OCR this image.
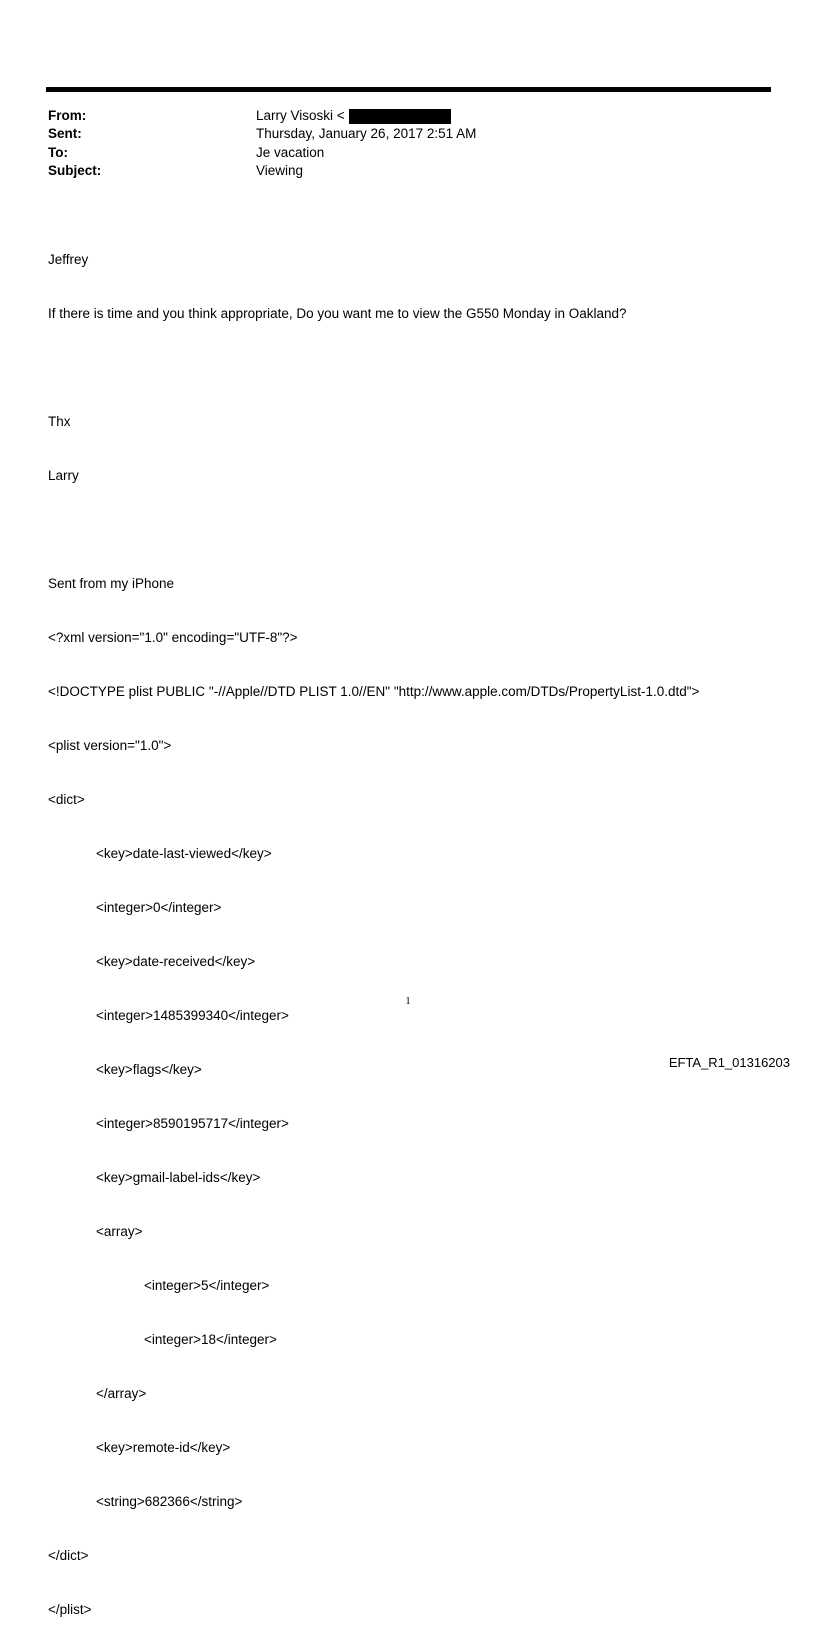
From:	Larry Visoski <
Sent:	Thursday, January 26, 2017 2:51 AM
To:	Je vacation
Subject:	Viewing

Jeffrey

If there is time and you think appropriate, Do you want me to view the G550 Monday in Oakland?

Thx

Larry

Sent from my iPhone

<?xml version="1.0" encoding="UTF-8"?>

<!DOCTYPE plist PUBLIC "-//Apple//DTD PLIST 1.0//EN" "http://www.apple.com/DTDs/PropertyList-1.0.dtd">

<plist version="1.0">

<dict>

<key>date-last-viewed</key>

<integer>0</integer>

<key>date-received</key>

<integer>1485399340</integer>

<key>flags</key>

<integer>8590195717</integer>

<key>gmail-label-ids</key>

<array>

<integer>5</integer>

<integer>18</integer>

</array>

<key>remote-id</key>

<string>682366</string>

</dict>

</plist>

1
EFTA_R1_01316203
